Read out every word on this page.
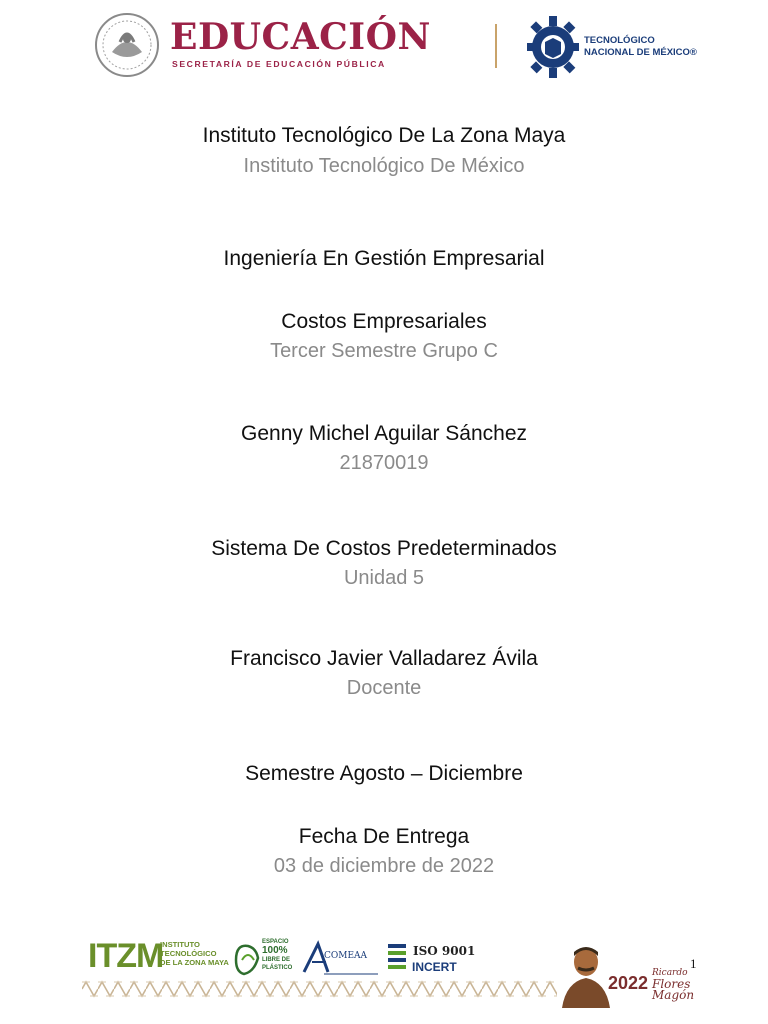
EDUCACIÓN
SECRETARÍA DE EDUCACIÓN PÚBLICA
TECNOLÓGICO
NACIONAL DE MÉXICO®
Instituto Tecnológico De La Zona Maya
Instituto Tecnológico De México
Ingeniería En Gestión Empresarial
Costos Empresariales
Tercer Semestre Grupo C
Genny Michel Aguilar Sánchez
21870019
Sistema De Costos Predeterminados
Unidad 5
Francisco Javier Valladarez Ávila
Docente
Semestre Agosto – Diciembre
Fecha De Entrega
03 de diciembre de 2022
ITZM
INSTITUTO
TECNOLÓGICO
DE LA ZONA MAYA
ESPACIO
100%
LIBRE DE
PLÁSTICO
COMEAA	ISO 9001
INCERT	1
2022 Ricardo
Flores
Magón
